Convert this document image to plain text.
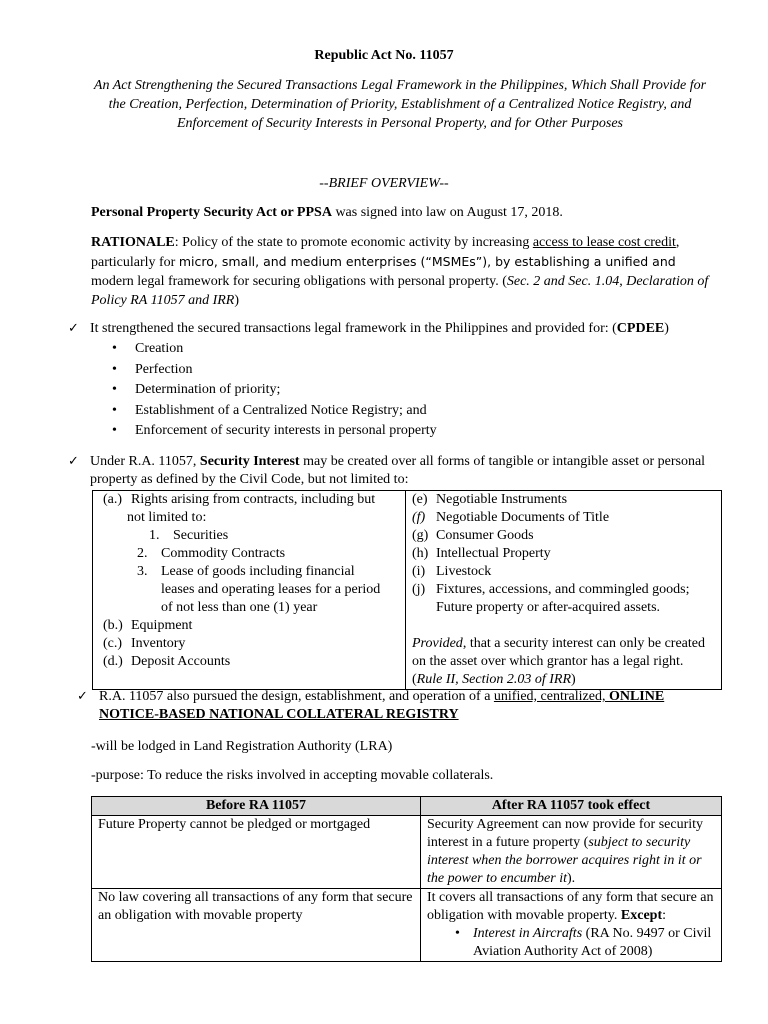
Republic Act No. 11057
An Act Strengthening the Secured Transactions Legal Framework in the Philippines, Which Shall Provide for the Creation, Perfection, Determination of Priority, Establishment of a Centralized Notice Registry, and Enforcement of Security Interests in Personal Property, and for Other Purposes
--BRIEF OVERVIEW--
Personal Property Security Act or PPSA was signed into law on August 17, 2018.
RATIONALE: Policy of the state to promote economic activity by increasing access to lease cost credit, particularly for micro, small, and medium enterprises (“MSMEs”), by establishing a unified and modern legal framework for securing obligations with personal property. (Sec. 2 and Sec. 1.04, Declaration of Policy RA 11057 and IRR)
✓ It strengthened the secured transactions legal framework in the Philippines and provided for: (CPDEE)
• Creation
• Perfection
• Determination of priority;
• Establishment of a Centralized Notice Registry; and
• Enforcement of security interests in personal property
✓ Under R.A. 11057, Security Interest may be created over all forms of tangible or intangible asset or personal property as defined by the Civil Code, but not limited to:
(a.) Rights arising from contracts, including but
not limited to:
1. Securities
2. Commodity Contracts
3. Lease of goods including financial
leases and operating leases for a period
of not less than one (1) year
(b.) Equipment
(c.) Inventory
(d.) Deposit Accounts

(e) Negotiable Instruments
(f) Negotiable Documents of Title
(g) Consumer Goods
(h) Intellectual Property
(i) Livestock
(j) Fixtures, accessions, and commingled goods;
Future property or after-acquired assets.
Provided, that a security interest can only be created on the asset over which grantor has a legal right. (Rule II, Section 2.03 of IRR)
✓ R.A. 11057 also pursued the design, establishment, and operation of a unified, centralized, ONLINE NOTICE-BASED NATIONAL COLLATERAL REGISTRY
-will be lodged in Land Registration Authority (LRA)
-purpose: To reduce the risks involved in accepting movable collaterals.
Before RA 11057	After RA 11057 took effect
Future Property cannot be pledged or mortgaged	Security Agreement can now provide for security interest in a future property (subject to security interest when the borrower acquires right in it or the power to encumber it).
No law covering all transactions of any form that secure an obligation with movable property	It covers all transactions of any form that secure an obligation with movable property. Except:
• Interest in Aircrafts (RA No. 9497 or Civil Aviation Authority Act of 2008)
